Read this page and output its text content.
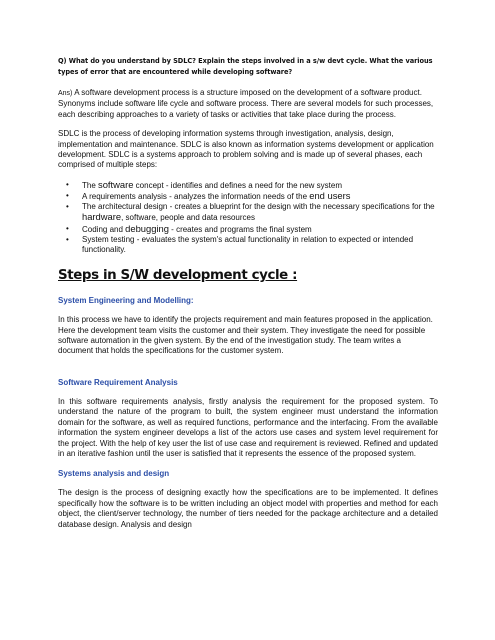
Q) What do you understand by SDLC? Explain the steps involved in a s/w devt cycle. What the various types of error that are encountered while developing software?

Ans) A software development process is a structure imposed on the development of a software product. Synonyms include software life cycle and software process. There are several models for such processes, each describing approaches to a variety of tasks or activities that take place during the process.

SDLC is the process of developing information systems through investigation, analysis, design, implementation and maintenance. SDLC is also known as information systems development or application development. SDLC is a systems approach to problem solving and is made up of several phases, each comprised of multiple steps:

• The software concept - identifies and defines a need for the new system
• A requirements analysis - analyzes the information needs of the end users
• The architectural design - creates a blueprint for the design with the necessary specifications for the hardware, software, people and data resources
• Coding and debugging - creates and programs the final system
• System testing - evaluates the system's actual functionality in relation to expected or intended functionality.
Steps in S/W development cycle :
System Engineering and Modelling:

In this process we have to identify the projects requirement and main features proposed in the application. Here the development team visits the customer and their system. They investigate the need for possible software automation in the given system. By the end of the investigation study. The team writes a document that holds the specifications for the customer system.

Software Requirement Analysis

In this software requirements analysis, firstly analysis the requirement for the proposed system. To understand the nature of the program to built, the system engineer must understand the information domain for the software, as well as required functions, performance and the interfacing. From the available information the system engineer develops a list of the actors use cases and system level requirement for the project. With the help of key user the list of use case and requirement is reviewed. Refined and updated in an iterative fashion until the user is satisfied that it represents the essence of the proposed system.

Systems analysis and design

The design is the process of designing exactly how the specifications are to be implemented. It defines specifically how the software is to be written including an object model with properties and method for each object, the client/server technology, the number of tiers needed for the package architecture and a detailed database design. Analysis and design
